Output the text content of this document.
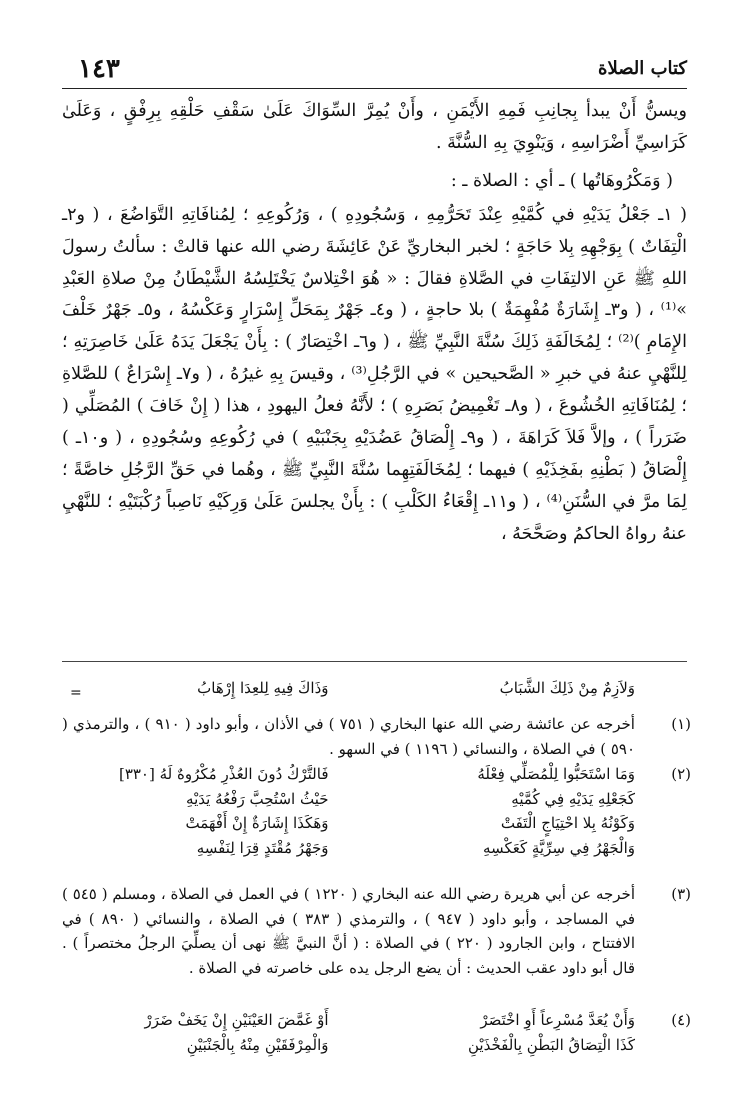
١٤٣	كتاب الصلاة

ويسنُّ أَنْ يبدأ بِجانِبِ فَمِهِ الأَيْمَنِ ، وأَنْ يُمِرَّ السِّوَاكَ عَلَىٰ سَقْفِ حَلْقِهِ بِرِفْقٍ ، وَعَلَىٰ كَرَاسِيِّ أَضْرَاسِهِ ، وَيَنْوِيَ بِهِ السُّنَّةَ .

( وَمَكْرُوهَاتُها ) ـ أي : الصلاة ـ :

( ١ـ جَعْلُ يَدَيْهِ في كُمَّيْهِ عِنْدَ تَحَرُّمِهِ ، وَسُجُودِهِ ) ، وَرُكُوعِهِ ؛ لِمُنافَاتِهِ التَّوَاضُعَ ، ( و٢ـ الْتِفَاتٌ ) بِوَجْهِهِ بِلا حَاجَةٍ ؛ لخبر البخاريِّ عَنْ عَائِشَةَ رضي الله عنها قالتْ : سألتُ رسولَ اللهِ ﷺ عَنِ الالتِفَاتِ في الصَّلاةِ فقالَ : « هُوَ اخْتِلاسٌ يَخْتَلِسُهُ الشَّيْطَانُ مِنْ صلاةِ العَبْدِ »⁽¹⁾ ، ( و٣ـ إِشَارَةٌ مُفْهِمَةٌ ) بلا حاجةٍ ، ( و٤ـ جَهْرٌ بِمَحَلِّ إِسْرَارٍ وَعَكْسُهُ ، و٥ـ جَهْرٌ خَلْفَ الإِمَامِ )⁽²⁾ ؛ لِمُخَالَفَةِ ذَلِكَ سُنَّةَ النَّبِيِّ ﷺ ، ( و٦ـ اخْتِصَارٌ ) : بِأَنْ يَجْعَلَ يَدَهُ عَلَىٰ خَاصِرَتِهِ ؛ لِلنَّهْيِ عنهُ في خبرِ « الصَّحيحين » في الرَّجُلِ⁽³⁾ ، وقيسَ بِهِ غيرُهُ ، ( و٧ـ إِسْرَاعٌ ) للصَّلاةِ ؛ لِمُنَافَاتِهِ الخُشُوعَ ، ( و٨ـ تَغْمِيضُ بَصَرِهِ ) ؛ لأَنَّهُ فعلُ اليهودِ ، هذا ( إِنْ خَافَ ) المُصَلِّي ( ضَرَراً ) ، وإلاَّ فَلاَ كَرَاهَةَ ، ( و٩ـ إِلْصَاقُ عَضُدَيْهِ بِجَنْبَيْهِ ) في رُكُوعِهِ وسُجُودِهِ ، ( و١٠ـ ) إِلْصَاقُ ( بَطْنِهِ بفَخِذَيْهِ ) فيهما ؛ لِمُخَالَفَتِهِما سُنَّةَ النَّبِيِّ ﷺ ، وهُما في حَقِّ الرَّجُلِ خاصَّةً ؛ لِمَا مرَّ في السُّنَنِ⁽⁴⁾ ، ( و١١ـ إِقْعَاءُ الكَلْبِ ) : بِأَنْ يجلسَ عَلَىٰ وَرِكَيْهِ نَاصِباً رُكْبَتَيْهِ ؛ للنَّهْيِ عنهُ رواهُ الحاكمُ وصَحَّحَهُ ،

=	وَلاَزِمٌ مِنْ ذَلِكَ الشَّبَابُ
وَذَاكَ فِيهِ لِلعِدَا إِرْهَابُ
(١)
أخرجه عن عائشة رضي الله عنها البخاري ( ٧٥١ ) في الأذان ، وأبو داود ( ٩١٠ ) ، والترمذي ( ٥٩٠ ) في الصلاة ، والنسائي ( ١١٩٦ ) في السهو .
(٢)
وَمَا اسْتَحَبُّوا لِلْمُصَلِّي فِعْلَهُ
فَالتَّرْكُ دُونَ العُذْرِ مُكْرُوهٌ لَهُ [٣٣٠]
كَجَعْلِهِ يَدَيْهِ فِي كُمَّيْهِ
حَيْثُ اسْتُحِبَّ رَفْعُهُ يَدَيْهِ
وَكَوْنُهُ بِلا احْتِيَاجٍ الْتَفَتْ
وَهَكَذَا إِشَارَةٌ إِنْ أَفْهَمَتْ
وَالْجَهْرُ فِي سِرِّيَّةٍ كَعَكْسِهِ
وَجَهْرُ مُقْتَدٍ قِرَا لِنَفْسِهِ
(٣)
أخرجه عن أبي هريرة رضي الله عنه البخاري ( ١٢٢٠ ) في العمل في الصلاة ، ومسلم ( ٥٤٥ ) في المساجد ، وأبو داود ( ٩٤٧ ) ، والترمذي ( ٣٨٣ ) في الصلاة ، والنسائي ( ٨٩٠ ) في الافتتاح ، وابن الجارود ( ٢٢٠ ) في الصلاة : ( أنَّ النبيَّ ﷺ نهى أن يصلِّيَ الرجلُ مختصراً ) . قال أبو داود عقب الحديث : أن يضع الرجل يده على خاصرته في الصلاة .
(٤)
وَأَنْ يُعَدَّ مُسْرِعاً أَوِ اخْتَصَرْ
أَوْ غَمَّضَ العَيْنَيْنِ إِنْ يَخَفْ ضَرَرْ
كَذَا الْتِصَاقُ البَطْنِ بِالْفَخْذَيْنِ
وَالْمِرْفَقَيْنِ مِنْهُ بِالْجَنْبَيْنِ
